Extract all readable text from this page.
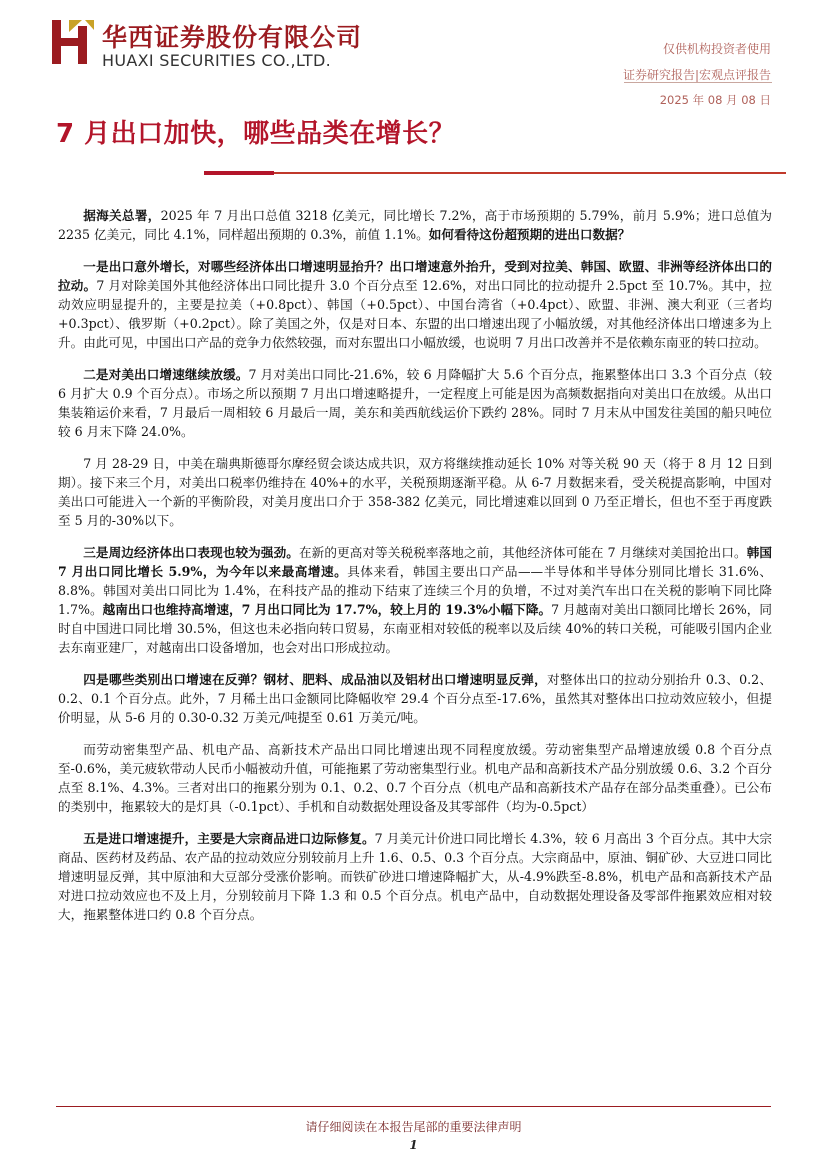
华西证券股份有限公司
HUAXI SECURITIES CO.,LTD.
仅供机构投资者使用
证券研究报告|宏观点评报告
2025 年 08 月 08 日
7 月出口加快，哪些品类在增长？

据海关总署，2025 年 7 月出口总值 3218 亿美元，同比增长 7.2%，高于市场预期的 5.79%，前月 5.9%；进口总值为 2235 亿美元，同比 4.1%，同样超出预期的 0.3%，前值 1.1%。如何看待这份超预期的进出口数据？

一是出口意外增长，对哪些经济体出口增速明显抬升？出口增速意外抬升，受到对拉美、韩国、欧盟、非洲等经济体出口的拉动。7 月对除美国外其他经济体出口同比提升 3.0 个百分点至 12.6%，对出口同比的拉动提升 2.5pct 至 10.7%。其中，拉动效应明显提升的，主要是拉美（+0.8pct）、韩国（+0.5pct）、中国台湾省（+0.4pct）、欧盟、非洲、澳大利亚（三者均+0.3pct）、俄罗斯（+0.2pct）。除了美国之外，仅是对日本、东盟的出口增速出现了小幅放缓，对其他经济体出口增速多为上升。由此可见，中国出口产品的竞争力依然较强，而对东盟出口小幅放缓，也说明 7 月出口改善并不是依赖东南亚的转口拉动。

二是对美出口增速继续放缓。7 月对美出口同比-21.6%，较 6 月降幅扩大 5.6 个百分点，拖累整体出口 3.3 个百分点（较 6 月扩大 0.9 个百分点）。市场之所以预期 7 月出口增速略提升，一定程度上可能是因为高频数据指向对美出口在放缓。从出口集装箱运价来看，7 月最后一周相较 6 月最后一周，美东和美西航线运价下跌约 28%。同时 7 月末从中国发往美国的船只吨位较 6 月末下降 24.0%。

7 月 28-29 日，中美在瑞典斯德哥尔摩经贸会谈达成共识，双方将继续推动延长 10% 对等关税 90 天（将于 8 月 12 日到期）。接下来三个月，对美出口税率仍维持在 40%+的水平，关税预期逐渐平稳。从 6-7 月数据来看，受关税提高影响，中国对美出口可能进入一个新的平衡阶段，对美月度出口介于 358-382 亿美元，同比增速难以回到 0 乃至正增长，但也不至于再度跌至 5 月的-30%以下。

三是周边经济体出口表现也较为强劲。在新的更高对等关税税率落地之前，其他经济体可能在 7 月继续对美国抢出口。韩国 7 月出口同比增长 5.9%，为今年以来最高增速。具体来看，韩国主要出口产品——半导体和半导体分别同比增长 31.6%、8.8%。韩国对美出口同比为 1.4%，在科技产品的推动下结束了连续三个月的负增，不过对美汽车出口在关税的影响下同比降 1.7%。越南出口也维持高增速，7 月出口同比为 17.7%，较上月的 19.3%小幅下降。7 月越南对美出口额同比增长 26%，同时自中国进口同比增 30.5%，但这也未必指向转口贸易，东南亚相对较低的税率以及后续 40%的转口关税，可能吸引国内企业去东南亚建厂，对越南出口设备增加，也会对出口形成拉动。

四是哪些类别出口增速在反弹？钢材、肥料、成品油以及铝材出口增速明显反弹，对整体出口的拉动分别抬升 0.3、0.2、0.2、0.1 个百分点。此外，7 月稀土出口金额同比降幅收窄 29.4 个百分点至-17.6%，虽然其对整体出口拉动效应较小，但提价明显，从 5-6 月的 0.30-0.32 万美元/吨提至 0.61 万美元/吨。

而劳动密集型产品、机电产品、高新技术产品出口同比增速出现不同程度放缓。劳动密集型产品增速放缓 0.8 个百分点至-0.6%，美元疲软带动人民币小幅被动升值，可能拖累了劳动密集型行业。机电产品和高新技术产品分别放缓 0.6、3.2 个百分点至 8.1%、4.3%。三者对出口的拖累分别为 0.1、0.2、0.7 个百分点（机电产品和高新技术产品存在部分品类重叠）。已公布的类别中，拖累较大的是灯具（-0.1pct）、手机和自动数据处理设备及其零部件（均为-0.5pct）

五是进口增速提升，主要是大宗商品进口边际修复。7 月美元计价进口同比增长 4.3%，较 6 月高出 3 个百分点。其中大宗商品、医药材及药品、农产品的拉动效应分别较前月上升 1.6、0.5、0.3 个百分点。大宗商品中，原油、铜矿砂、大豆进口同比增速明显反弹，其中原油和大豆部分受涨价影响。而铁矿砂进口增速降幅扩大，从-4.9%跌至-8.8%，机电产品和高新技术产品对进口拉动效应也不及上月，分别较前月下降 1.3 和 0.5 个百分点。机电产品中，自动数据处理设备及零部件拖累效应相对较大，拖累整体进口约 0.8 个百分点。

请仔细阅读在本报告尾部的重要法律声明
1
